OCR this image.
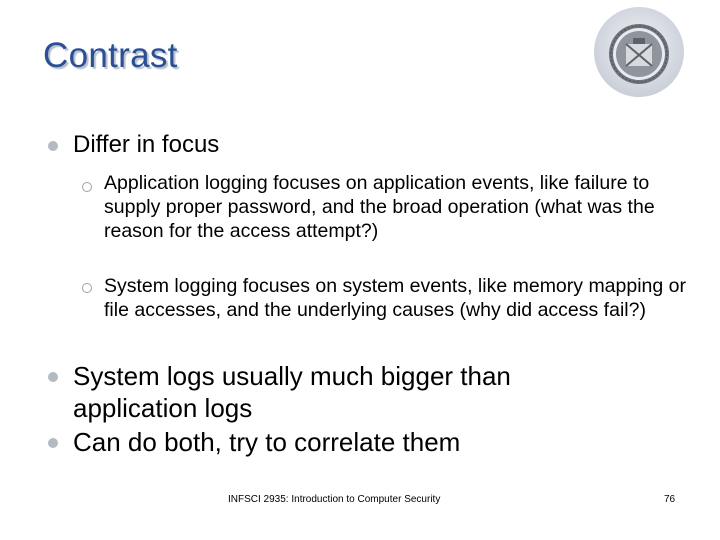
Contrast
Differ in focus
Application logging focuses on application events, like failure to supply proper password, and the broad operation (what was the reason for the access attempt?)
System logging focuses on system events, like memory mapping or file accesses, and the underlying causes (why did access fail?)
System logs usually much bigger than application logs
Can do both, try to correlate them
INFSCI 2935: Introduction to Computer Security	76
